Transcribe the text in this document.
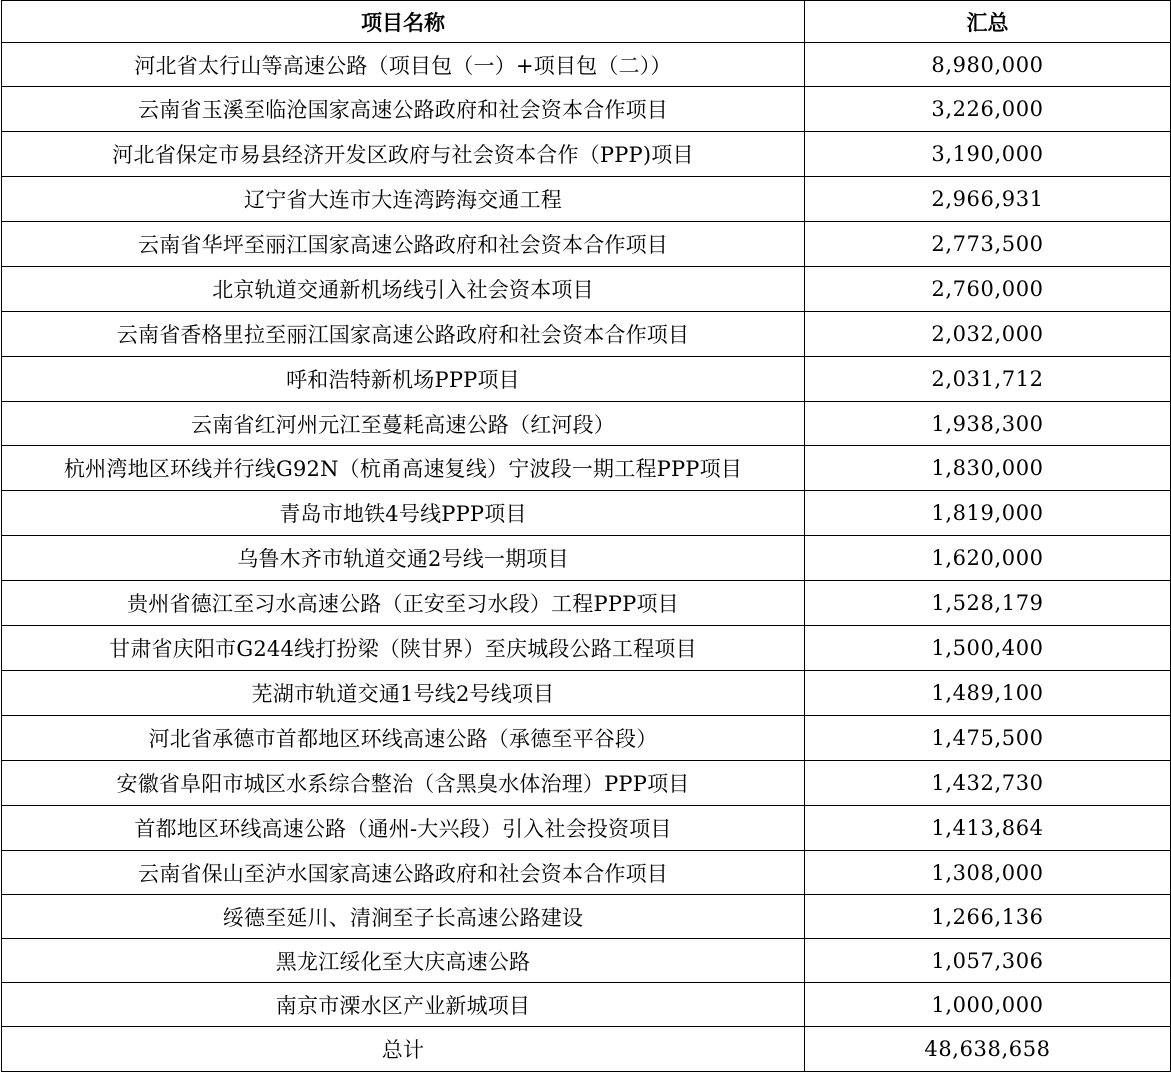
项目名称	汇总
河北省太行山等高速公路（项目包（一）+项目包（二））	8,980,000
云南省玉溪至临沧国家高速公路政府和社会资本合作项目	3,226,000
河北省保定市易县经济开发区政府与社会资本合作（PPP)项目	3,190,000
辽宁省大连市大连湾跨海交通工程	2,966,931
云南省华坪至丽江国家高速公路政府和社会资本合作项目	2,773,500
北京轨道交通新机场线引入社会资本项目	2,760,000
云南省香格里拉至丽江国家高速公路政府和社会资本合作项目	2,032,000
呼和浩特新机场PPP项目	2,031,712
云南省红河州元江至蔓耗高速公路（红河段）	1,938,300
杭州湾地区环线并行线G92N（杭甬高速复线）宁波段一期工程PPP项目	1,830,000
青岛市地铁4号线PPP项目	1,819,000
乌鲁木齐市轨道交通2号线一期项目	1,620,000
贵州省德江至习水高速公路（正安至习水段）工程PPP项目	1,528,179
甘肃省庆阳市G244线打扮梁（陕甘界）至庆城段公路工程项目	1,500,400
芜湖市轨道交通1号线2号线项目	1,489,100
河北省承德市首都地区环线高速公路（承德至平谷段）	1,475,500
安徽省阜阳市城区水系综合整治（含黑臭水体治理）PPP项目	1,432,730
首都地区环线高速公路（通州-大兴段）引入社会投资项目	1,413,864
云南省保山至泸水国家高速公路政府和社会资本合作项目	1,308,000
绥德至延川、清涧至子长高速公路建设	1,266,136
黑龙江绥化至大庆高速公路	1,057,306
南京市溧水区产业新城项目	1,000,000
总计	48,638,658
